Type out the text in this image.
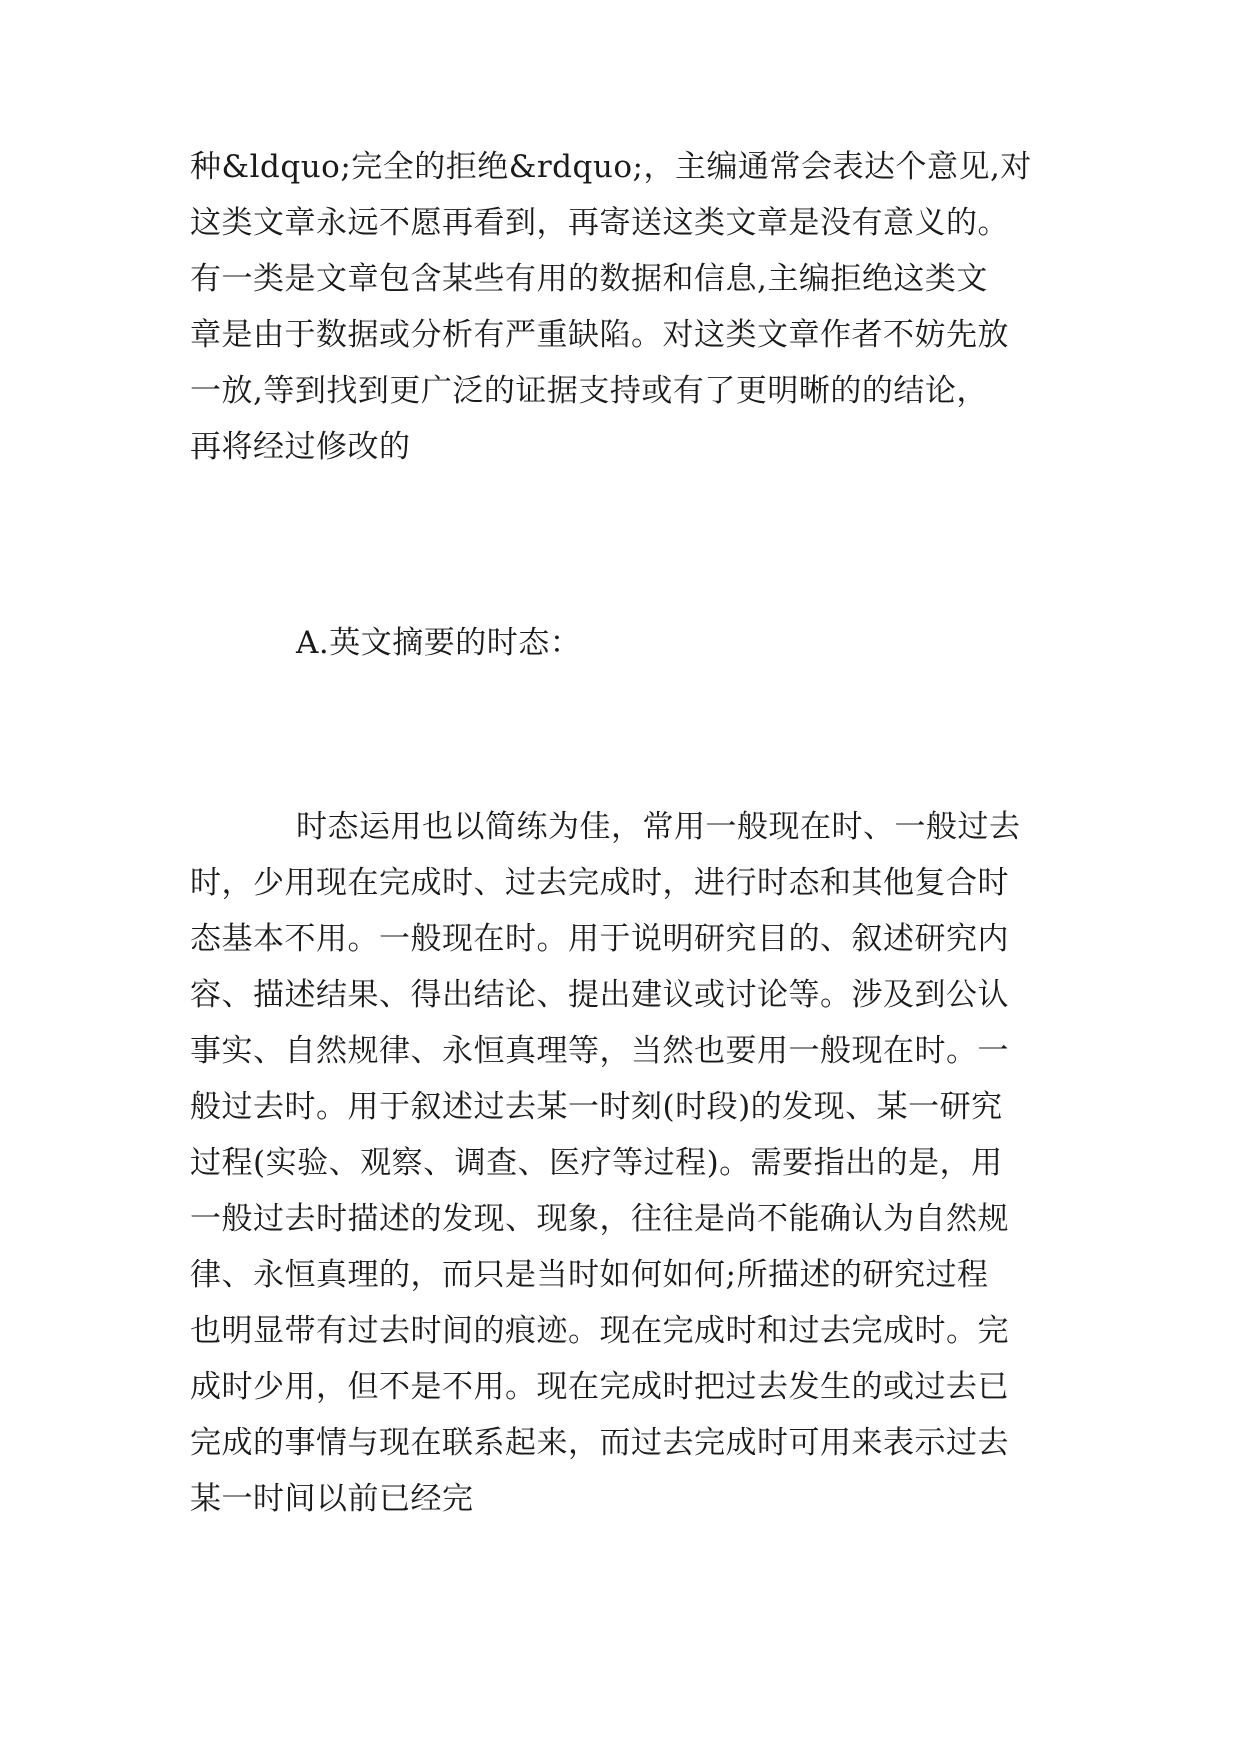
种&ldquo;完全的拒绝&rdquo;，主编通常会表达个意见,对

这类文章永远不愿再看到，再寄送这类文章是没有意义的。

有一类是文章包含某些有用的数据和信息,主编拒绝这类文

章是由于数据或分析有严重缺陷。对这类文章作者不妨先放

一放,等到找到更广泛的证据支持或有了更明晰的的结论，

再将经过修改的

A.英文摘要的时态：

时态运用也以简练为佳，常用一般现在时、一般过去

时，少用现在完成时、过去完成时，进行时态和其他复合时

态基本不用。一般现在时。用于说明研究目的、叙述研究内

容、描述结果、得出结论、提出建议或讨论等。涉及到公认

事实、自然规律、永恒真理等，当然也要用一般现在时。一

般过去时。用于叙述过去某一时刻(时段)的发现、某一研究

过程(实验、观察、调查、医疗等过程)。需要指出的是，用

一般过去时描述的发现、现象，往往是尚不能确认为自然规

律、永恒真理的，而只是当时如何如何;所描述的研究过程

也明显带有过去时间的痕迹。现在完成时和过去完成时。完

成时少用，但不是不用。现在完成时把过去发生的或过去已

完成的事情与现在联系起来，而过去完成时可用来表示过去

某一时间以前已经完
